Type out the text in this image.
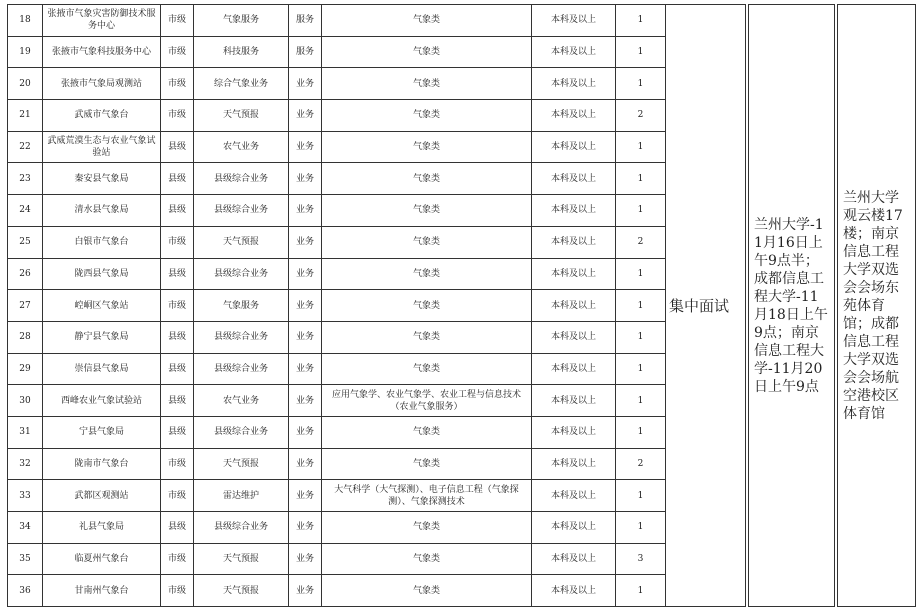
18	张掖市气象灾害防御技术服务中心	市级	气象服务	服务	气象类	本科及以上	1	集中面试		兰州大学-11月16日上午9点半；成都信息工程大学-11月18日上午9点；南京信息工程大学-11月20日上午9点		兰州大学观云楼17楼；南京信息工程大学双选会会场东苑体育馆；成都信息工程大学双选会会场航空港校区体育馆
19	张掖市气象科技服务中心	市级	科技服务	服务	气象类	本科及以上	1					
20	张掖市气象局观测站	市级	综合气象业务	业务	气象类	本科及以上	1					
21	武威市气象台	市级	天气预报	业务	气象类	本科及以上	2					
22	武威荒漠生态与农业气象试验站	县级	农气业务	业务	气象类	本科及以上	1					
23	秦安县气象局	县级	县级综合业务	业务	气象类	本科及以上	1					
24	清水县气象局	县级	县级综合业务	业务	气象类	本科及以上	1					
25	白银市气象台	市级	天气预报	业务	气象类	本科及以上	2					
26	陇西县气象局	县级	县级综合业务	业务	气象类	本科及以上	1					
27	崆峒区气象站	市级	气象服务	业务	气象类	本科及以上	1					
28	静宁县气象局	县级	县级综合业务	业务	气象类	本科及以上	1					
29	崇信县气象局	县级	县级综合业务	业务	气象类	本科及以上	1					
30	西峰农业气象试验站	县级	农气业务	业务	应用气象学、农业气象学、农业工程与信息技术（农业气象服务）	本科及以上	1					
31	宁县气象局	县级	县级综合业务	业务	气象类	本科及以上	1					
32	陇南市气象台	市级	天气预报	业务	气象类	本科及以上	2					
33	武都区观测站	市级	雷达维护	业务	大气科学（大气探测）、电子信息工程（气象探测）、气象探测技术	本科及以上	1					
34	礼县气象局	县级	县级综合业务	业务	气象类	本科及以上	1					
35	临夏州气象台	市级	天气预报	业务	气象类	本科及以上	3					
36	甘南州气象台	市级	天气预报	业务	气象类	本科及以上	1					
